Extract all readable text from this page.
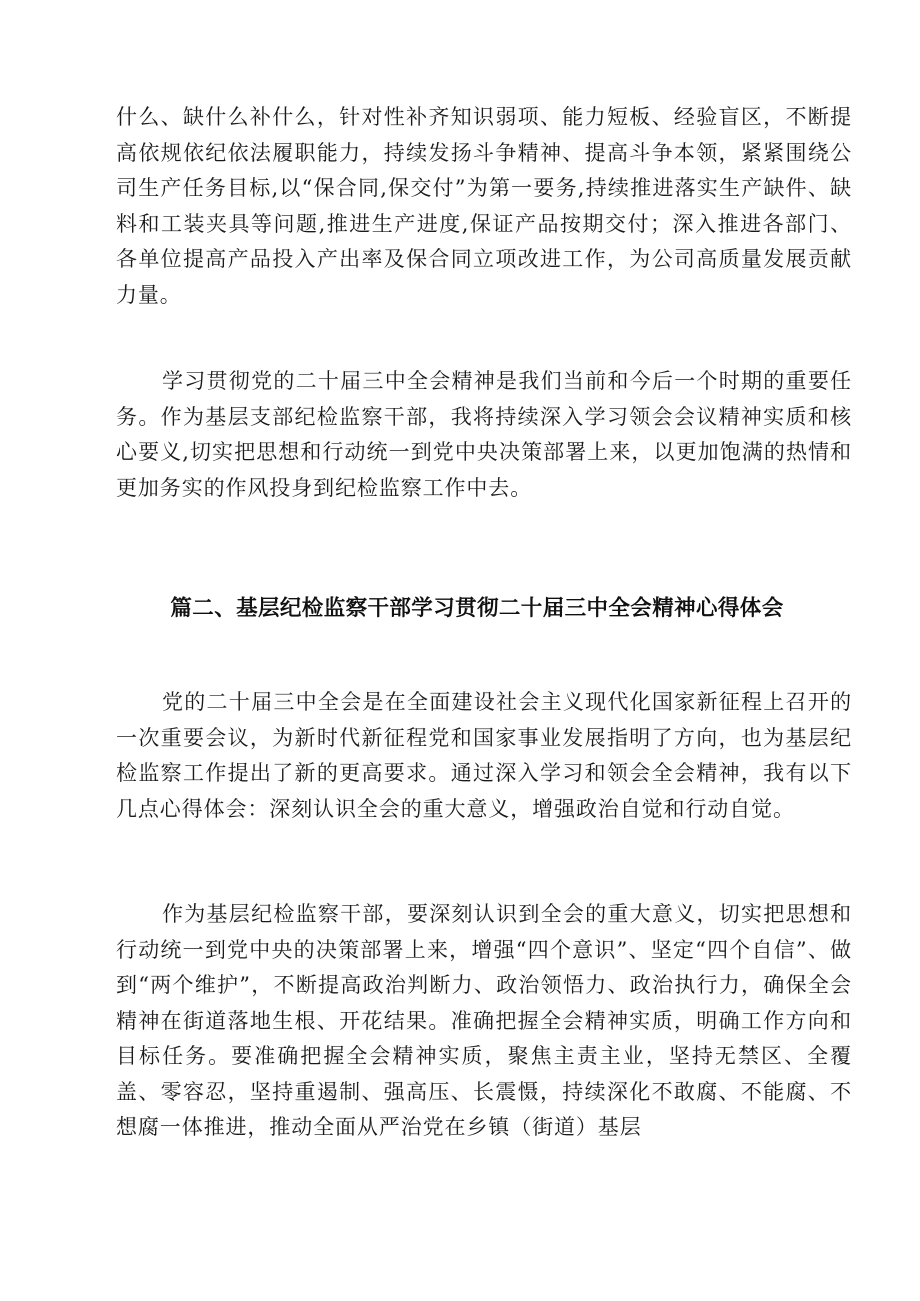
什么、缺什么补什么，针对性补齐知识弱项、能力短板、经验盲区，不断提高依规依纪依法履职能力，持续发扬斗争精神、提高斗争本领，紧紧围绕公司生产任务目标,以“保合同,保交付”为第一要务,持续推进落实生产缺件、缺料和工装夹具等问题,推进生产进度,保证产品按期交付；深入推进各部门、各单位提高产品投入产出率及保合同立项改进工作，为公司高质量发展贡献力量。

学习贯彻党的二十届三中全会精神是我们当前和今后一个时期的重要任务。作为基层支部纪检监察干部，我将持续深入学习领会会议精神实质和核心要义,切实把思想和行动统一到党中央决策部署上来，以更加饱满的热情和更加务实的作风投身到纪检监察工作中去。

篇二、基层纪检监察干部学习贯彻二十届三中全会精神心得体会

党的二十届三中全会是在全面建设社会主义现代化国家新征程上召开的一次重要会议，为新时代新征程党和国家事业发展指明了方向，也为基层纪检监察工作提出了新的更高要求。通过深入学习和领会全会精神，我有以下几点心得体会：深刻认识全会的重大意义，增强政治自觉和行动自觉。

作为基层纪检监察干部，要深刻认识到全会的重大意义，切实把思想和行动统一到党中央的决策部署上来，增强“四个意识”、坚定“四个自信”、做到“两个维护”，不断提高政治判断力、政治领悟力、政治执行力，确保全会精神在街道落地生根、开花结果。准确把握全会精神实质，明确工作方向和目标任务。要准确把握全会精神实质，聚焦主责主业，坚持无禁区、全覆盖、零容忍，坚持重遏制、强高压、长震慑，持续深化不敢腐、不能腐、不想腐一体推进，推动全面从严治党在乡镇（街道）基层
